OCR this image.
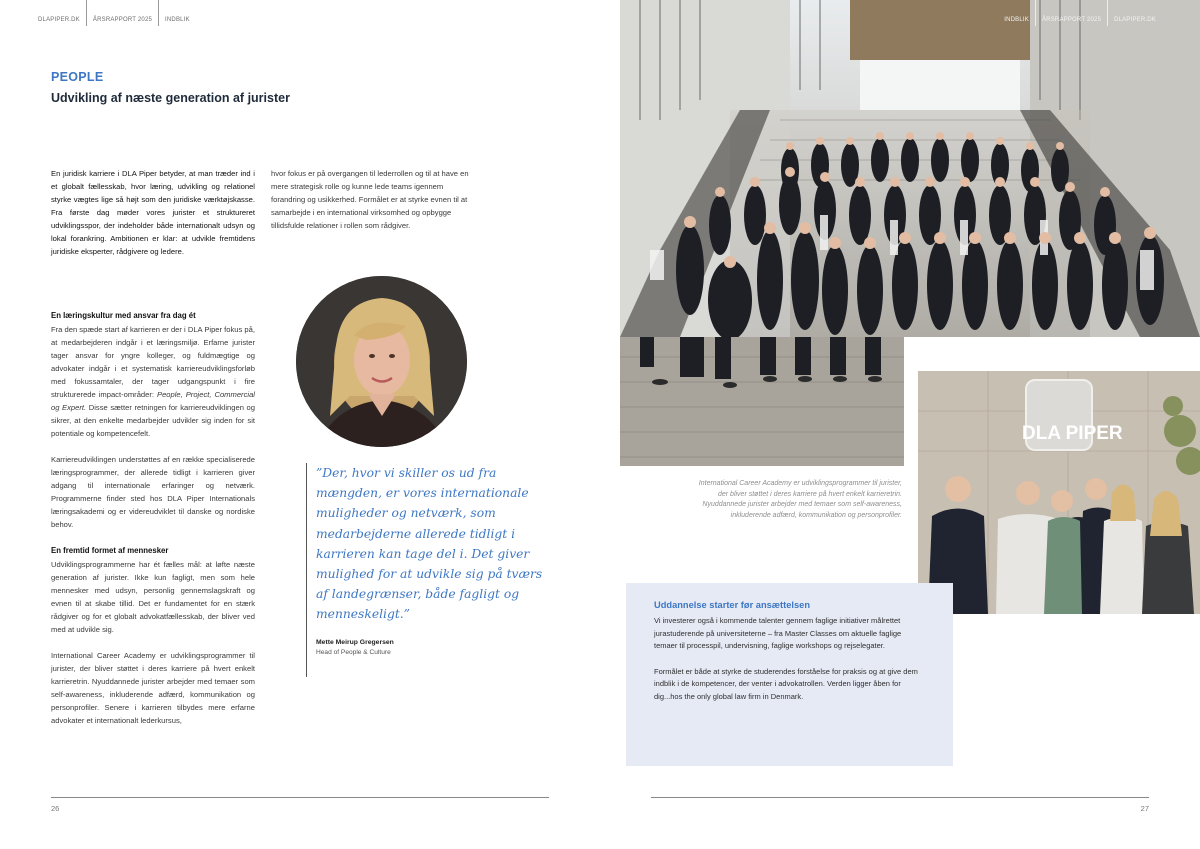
DLAPIPER.DK	ÅRSRAPPORT 2025	INDBLIK
PEOPLE
Udvikling af næste generation af jurister
En juridisk karriere i DLA Piper betyder, at man træder ind i et globalt fællesskab, hvor læring, udvikling og relationel styrke vægtes lige så højt som den juridiske værktøjskasse. Fra første dag møder vores jurister et struktureret udviklingsspor, der indeholder både internationalt udsyn og lokal forankring. Ambitionen er klar: at udvikle fremtidens juridiske eksperter, rådgivere og ledere.
En læringskultur med ansvar fra dag ét
Fra den spæde start af karrieren er der i DLA Piper fokus på, at medarbejderen indgår i et læringsmiljø. Erfarne jurister tager ansvar for yngre kolleger, og fuldmægtige og advokater indgår i et systematisk karriereudviklingsforløb med fokussamtaler, der tager udgangspunkt i fire strukturerede impact-områder: People, Project, Commercial og Expert. Disse sætter retningen for karriereudviklingen og sikrer, at den enkelte medarbejder udvikler sig inden for sit potentiale og kompetencefelt.
Karriereudviklingen understøttes af en række specialiserede læringsprogrammer, der allerede tidligt i karrieren giver adgang til internationale erfaringer og netværk. Programmerne finder sted hos DLA Piper Internationals læringsakademi og er videreudviklet til danske og nordiske behov.
En fremtid formet af mennesker
Udviklingsprogrammerne har ét fælles mål: at løfte næste generation af jurister. Ikke kun fagligt, men som hele mennesker med udsyn, personlig gennemslagskraft og evnen til at skabe tillid. Det er fundamentet for en stærk rådgiver og for et globalt advokatfællesskab, der bliver ved med at udvikle sig.
International Career Academy er udviklingsprogrammer til jurister, der bliver støttet i deres karriere på hvert enkelt karrieretrin. Nyuddannede jurister arbejder med temaer som self-awareness, inkluderende adfærd, kommunikation og personprofiler. Senere i karrieren tilbydes mere erfarne advokater et internationalt lederkursus,
hvor fokus er på overgangen til lederrollen og til at have en mere strategisk rolle og kunne lede teams igennem forandring og usikkerhed. Formålet er at styrke evnen til at samarbejde i en international virksomhed og opbygge tillidsfulde relationer i rollen som rådgiver.
”Der, hvor vi skiller os ud fra mængden, er vores internationale muligheder og netværk, som medarbejderne allerede tidligt i karrieren kan tage del i. Det giver mulighed for at udvikle sig på tværs af landegrænser, både fagligt og menneskeligt.”
Mette Meirup Gregersen
Head of People & Culture
26	27
INDBLIK	ÅRSRAPPORT 2025	DLAPIPER.DK
DLA PIPER
International Career Academy er udviklingsprogrammer til jurister, der bliver støttet i deres karriere på hvert enkelt karrieretrin. Nyuddannede jurister arbejder med temaer som self-awareness, inkluderende adfærd, kommunikation og personprofiler.
Uddannelse starter før ansættelsen
Vi investerer også i kommende talenter gennem faglige initiativer målrettet jurastuderende på universiteterne – fra Master Classes om aktuelle faglige temaer til processpil, undervisning, faglige workshops og rejselegater.
Formålet er både at styrke de studerendes forståelse for praksis og at give dem indblik i de kompetencer, der venter i advokatrollen. Verden ligger åben for dig...hos the only global law firm in Denmark.
